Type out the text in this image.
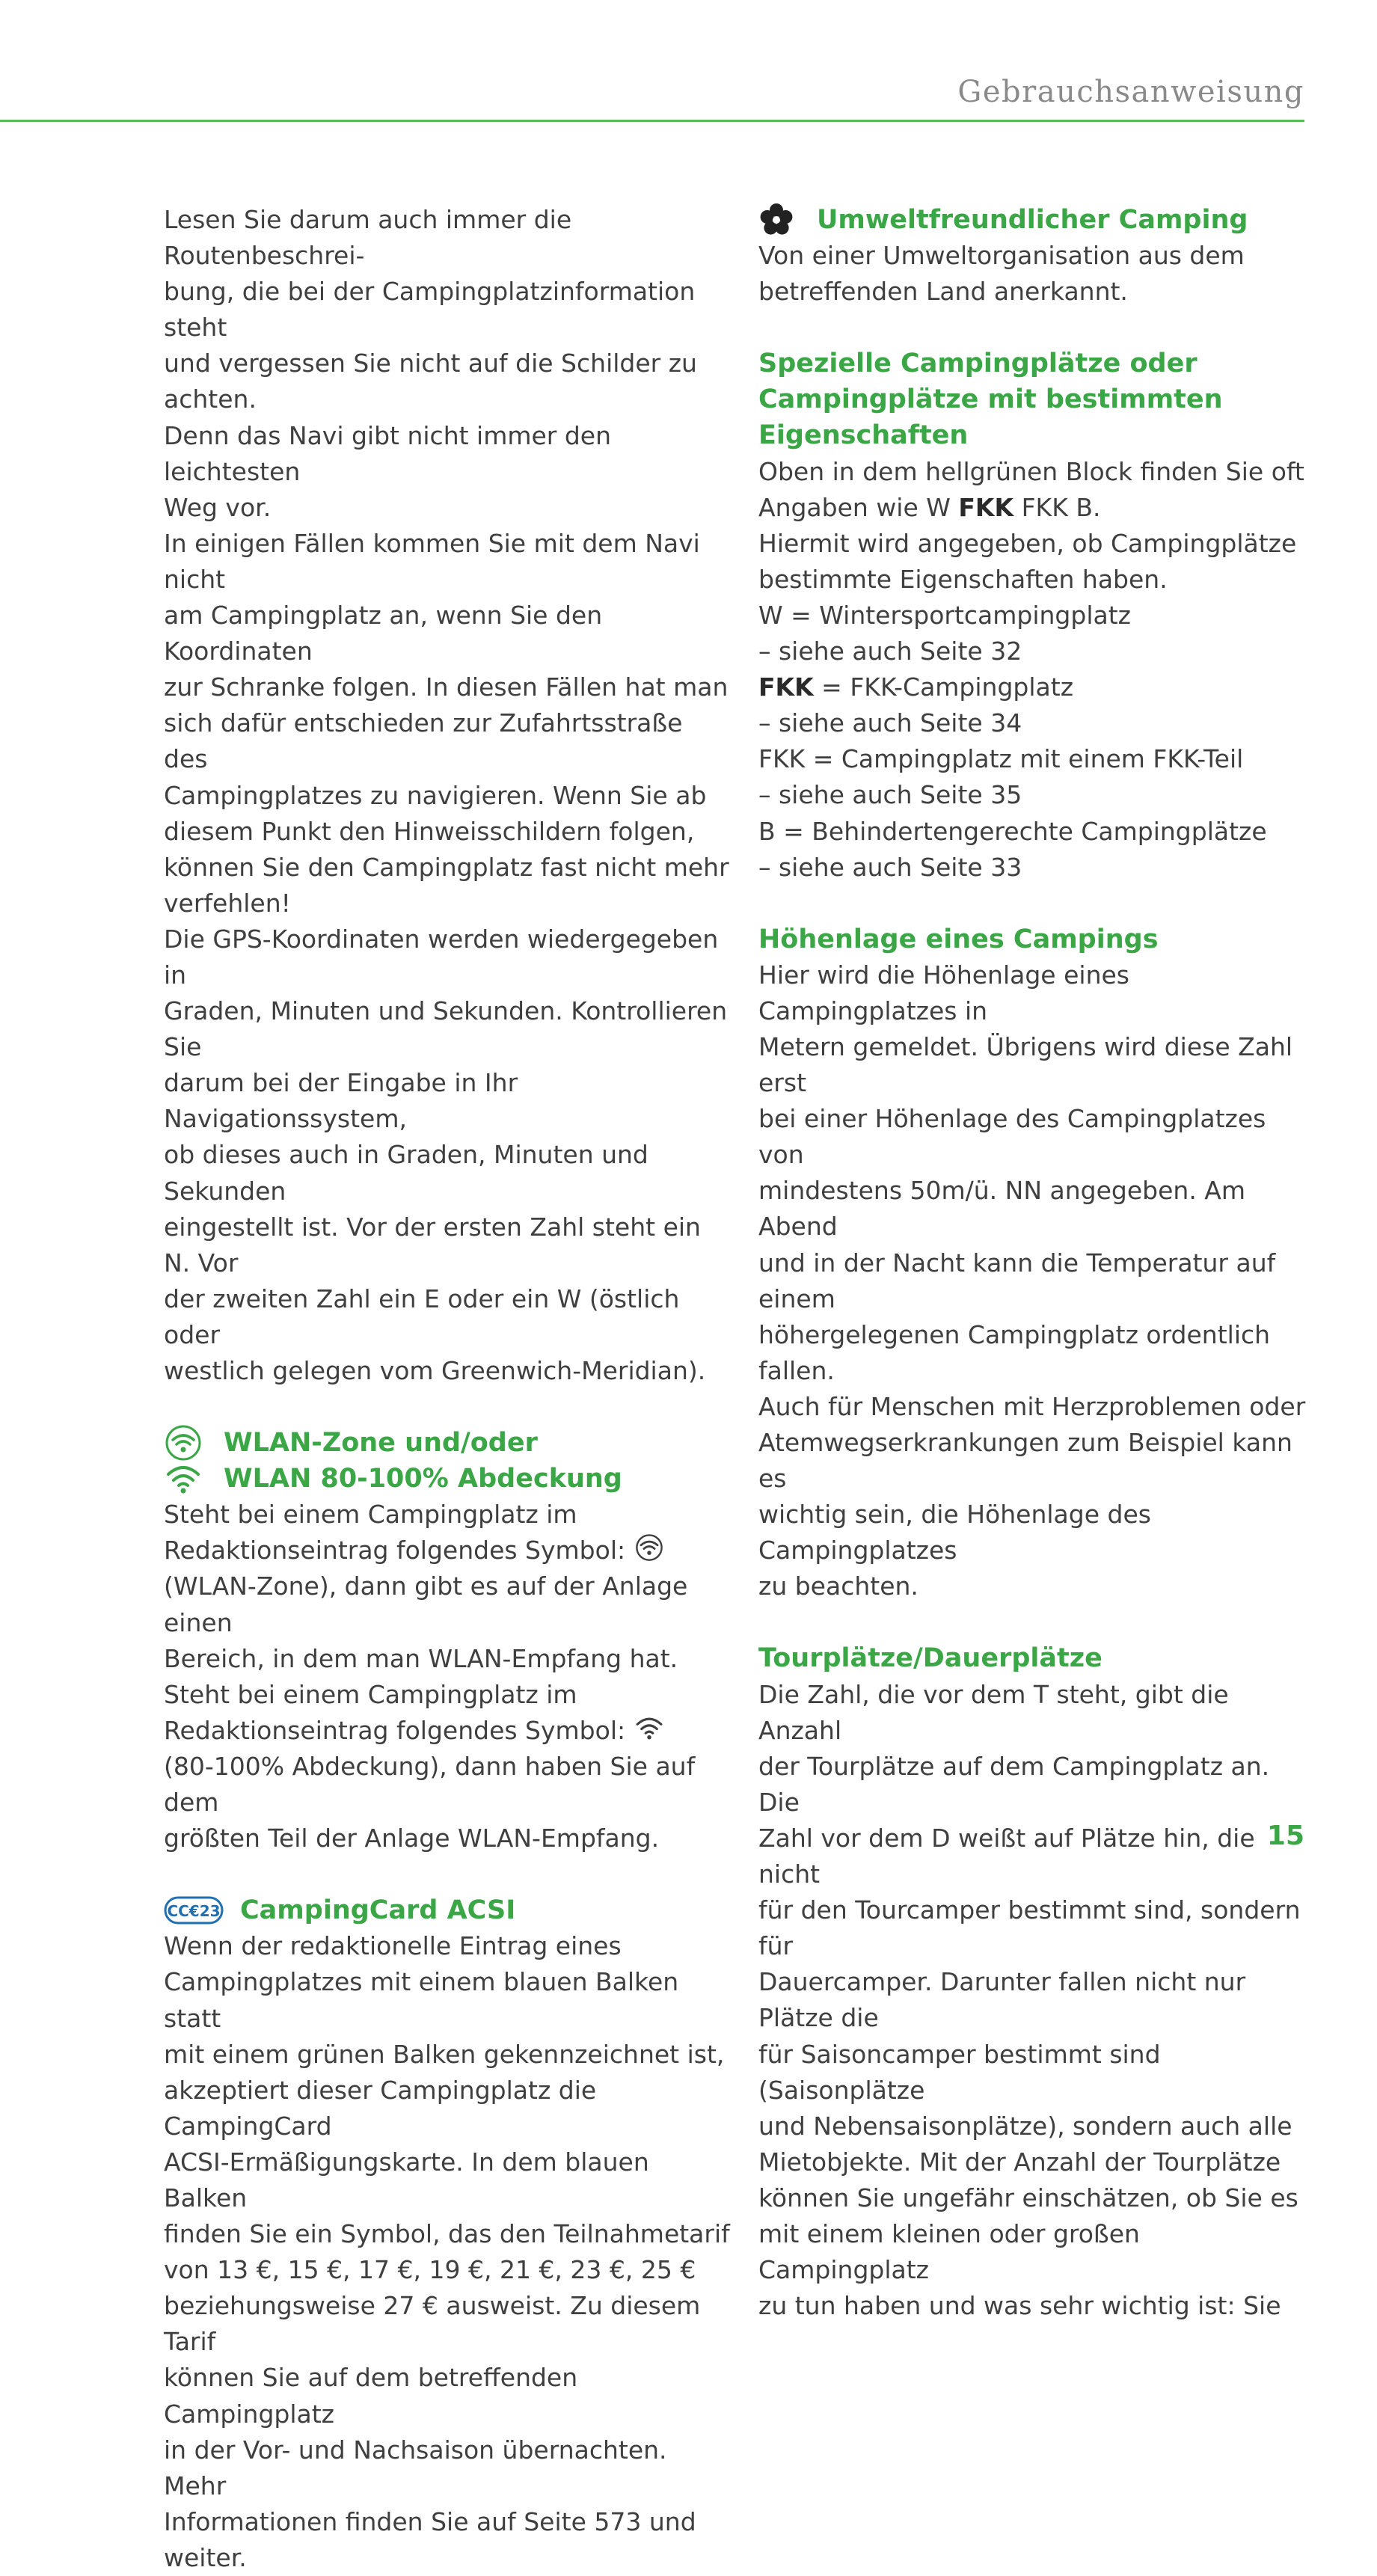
Gebrauchsanweisung

Lesen Sie darum auch immer die Routenbeschrei-
bung, die bei der Campingplatzinformation steht
und vergessen Sie nicht auf die Schilder zu achten.
Denn das Navi gibt nicht immer den leichtesten
Weg vor.
In einigen Fällen kommen Sie mit dem Navi nicht
am Campingplatz an, wenn Sie den Koordinaten
zur Schranke folgen. In diesen Fällen hat man
sich dafür entschieden zur Zufahrtsstraße des
Campingplatzes zu navigieren. Wenn Sie ab
diesem Punkt den Hinweisschildern folgen,
können Sie den Campingplatz fast nicht mehr
verfehlen!
Die GPS-Koordinaten werden wiedergegeben in
Graden, Minuten und Sekunden. Kontrollieren Sie
darum bei der Eingabe in Ihr Navigationssystem,
ob dieses auch in Graden, Minuten und Sekunden
eingestellt ist. Vor der ersten Zahl steht ein N. Vor
der zweiten Zahl ein E oder ein W (östlich oder
westlich gelegen vom Greenwich-Meridian).

WLAN-Zone und/oder
WLAN 80-100% Abdeckung

Steht bei einem Campingplatz im
Redaktionseintrag folgendes Symbol:

(WLAN-Zone), dann gibt es auf der Anlage einen
Bereich, in dem man WLAN-Empfang hat.
Steht bei einem Campingplatz im
Redaktionseintrag folgendes Symbol:

(80-100% Abdeckung), dann haben Sie auf dem
größten Teil der Anlage WLAN-Empfang.

CC€23 CampingCard ACSI

Wenn der redaktionelle Eintrag eines
Campingplatzes mit einem blauen Balken statt
mit einem grünen Balken gekennzeichnet ist,
akzeptiert dieser Campingplatz die CampingCard
ACSI-Ermäßigungskarte. In dem blauen Balken
finden Sie ein Symbol, das den Teilnahmetarif
von 13 €, 15 €, 17 €, 19 €, 21 €, 23 €, 25 €
beziehungsweise 27 € ausweist. Zu diesem Tarif
können Sie auf dem betreffenden Campingplatz
in der Vor- und Nachsaison übernachten. Mehr
Informationen finden Sie auf Seite 573 und weiter.

Umweltfreundlicher Camping

Von einer Umweltorganisation aus dem
betreffenden Land anerkannt.

Spezielle Campingplätze oder
Campingplätze mit bestimmten
Eigenschaften

Oben in dem hellgrünen Block finden Sie oft

Angaben wie W FKK FKK B.

Hiermit wird angegeben, ob Campingplätze
bestimmte Eigenschaften haben.
W = Wintersportcampingplatz
– siehe auch Seite 32

FKK = FKK-Campingplatz

– siehe auch Seite 34
FKK = Campingplatz mit einem FKK-Teil
– siehe auch Seite 35
B = Behindertengerechte Campingplätze
– siehe auch Seite 33

Höhenlage eines Campings

Hier wird die Höhenlage eines Campingplatzes in
Metern gemeldet. Übrigens wird diese Zahl erst
bei einer Höhenlage des Campingplatzes von
mindestens 50m/ü. NN angegeben. Am Abend
und in der Nacht kann die Temperatur auf einem
höhergelegenen Campingplatz ordentlich fallen.
Auch für Menschen mit Herzproblemen oder
Atemwegserkrankungen zum Beispiel kann es
wichtig sein, die Höhenlage des Campingplatzes
zu beachten.

Tourplätze/Dauerplätze

Die Zahl, die vor dem T steht, gibt die Anzahl
der Tourplätze auf dem Campingplatz an. Die
Zahl vor dem D weißt auf Plätze hin, die nicht
für den Tourcamper bestimmt sind, sondern für
Dauercamper. Darunter fallen nicht nur Plätze die
für Saisoncamper bestimmt sind (Saisonplätze
und Nebensaisonplätze), sondern auch alle
Mietobjekte. Mit der Anzahl der Tourplätze
können Sie ungefähr einschätzen, ob Sie es
mit einem kleinen oder großen Campingplatz
zu tun haben und was sehr wichtig ist: Sie

15
